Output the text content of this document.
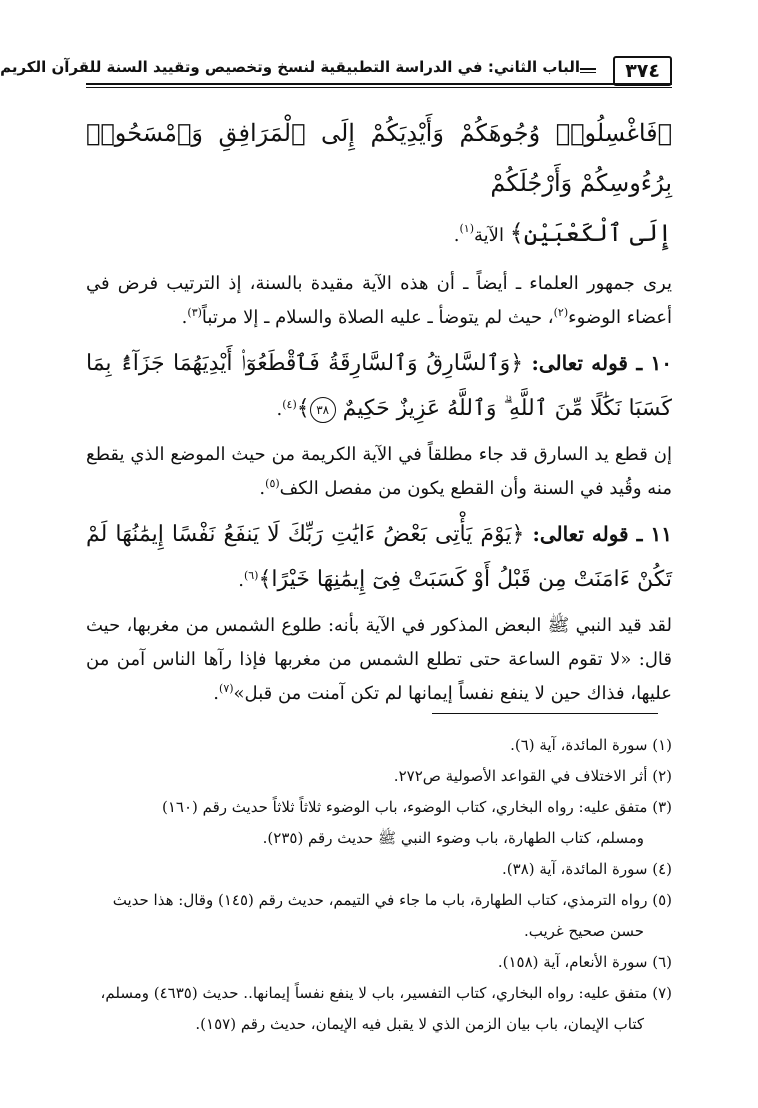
٣٧٤
الباب الثاني: في الدراسة التطبيقية لنسخ وتخصيص وتقييد السنة للقرآن الكريم

﴿فَاغْسِلُوا۟ وُجُوهَكُمْ وَأَيْدِيَكُمْ إِلَى ٱلْمَرَافِقِ وَٱمْسَحُوا۟ بِرُءُوسِكُمْ وَأَرْجُلَكُمْ
إِلَى ٱلْكَعْبَيْنِ﴾ الآية$^{(١)}$.

يرى جمهور العلماء ـ أيضاً ـ أن هذه الآية مقيدة بالسنة، إذ الترتيب فرض في أعضاء الوضوء$^{(٢)}$، حيث لم يتوضأ ـ عليه الصلاة والسلام ـ إلا مرتباً$^{(٣)}$.

١٠ ـ قوله تعالى: ﴿وَٱلسَّارِقُ وَٱلسَّارِقَةُ فَٱقْطَعُوٓا۟ أَيْدِيَهُمَا جَزَآءًۢ بِمَا كَسَبَا نَكَٰلًا مِّنَ ٱللَّهِ ۗ وَٱللَّهُ عَزِيزٌ حَكِيمٌ ٣٨﴾$^{(٤)}$.

إن قطع يد السارق قد جاء مطلقاً في الآية الكريمة من حيث الموضع الذي يقطع منه وقُيد في السنة وأن القطع يكون من مفصل الكف$^{(٥)}$.

١١ ـ قوله تعالى: ﴿يَوْمَ يَأْتِى بَعْضُ ءَايَٰتِ رَبِّكَ لَا يَنفَعُ نَفْسًا إِيمَٰنُهَا لَمْ تَكُنْ ءَامَنَتْ مِن قَبْلُ أَوْ كَسَبَتْ فِىٓ إِيمَٰنِهَا خَيْرًا﴾$^{(٦)}$.

لقد قيد النبي ﷺ البعض المذكور في الآية بأنه: طلوع الشمس من مغربها، حيث قال: «لا تقوم الساعة حتى تطلع الشمس من مغربها فإذا رآها الناس آمن من عليها، فذاك حين لا ينفع نفساً إيمانها لم تكن آمنت من قبل»$^{(٧)}$.

(١) سورة المائدة، آية (٦).

(٢) أثر الاختلاف في القواعد الأصولية ص٢٧٢.

(٣) متفق عليه: رواه البخاري، كتاب الوضوء، باب الوضوء ثلاثاً ثلاثاً حديث رقم (١٦٠)

ومسلم، كتاب الطهارة، باب وضوء النبي ﷺ حديث رقم (٢٣٥).

(٤) سورة المائدة، آية (٣٨).

(٥) رواه الترمذي، كتاب الطهارة، باب ما جاء في التيمم، حديث رقم (١٤٥) وقال: هذا حديث

حسن صحيح غريب.

(٦) سورة الأنعام، آية (١٥٨).

(٧) متفق عليه: رواه البخاري، كتاب التفسير، باب لا ينفع نفساً إيمانها.. حديث (٤٦٣٥) ومسلم،

كتاب الإيمان، باب بيان الزمن الذي لا يقبل فيه الإيمان، حديث رقم (١٥٧).
